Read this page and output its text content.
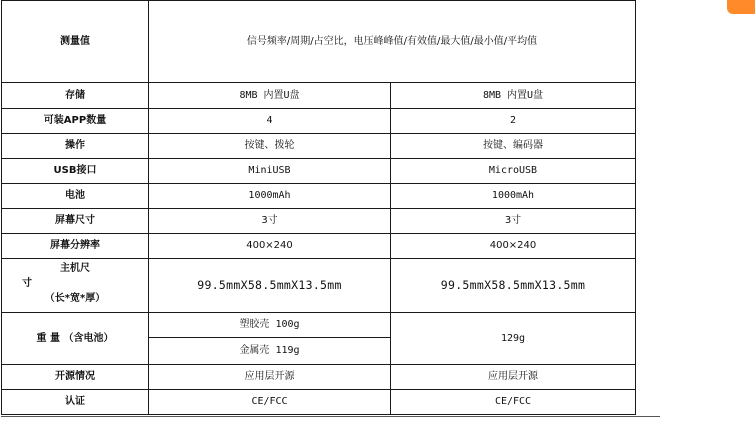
测量值	信号频率/周期/占空比，电压峰峰值/有效值/最大值/最小值/平均值	
存储	8MB 内置U盘	8MB 内置U盘
可装APP数量	4	2
操作	按键、拨轮	按键、编码器
USB接口	MiniUSB	MicroUSB
电池	1000mAh	1000mAh
屏幕尺寸	3寸	3寸
屏幕分辨率	400×240	400×240

主机尺
寸
（长*宽*厚）	99.5mmX58.5mmX13.5mm	99.5mmX58.5mmX13.5mm
重 量 （含电池）	塑胶壳 100g	129g
	金属壳 119g	
开源情况	应用层开源	应用层开源
认证	CE/FCC	CE/FCC
